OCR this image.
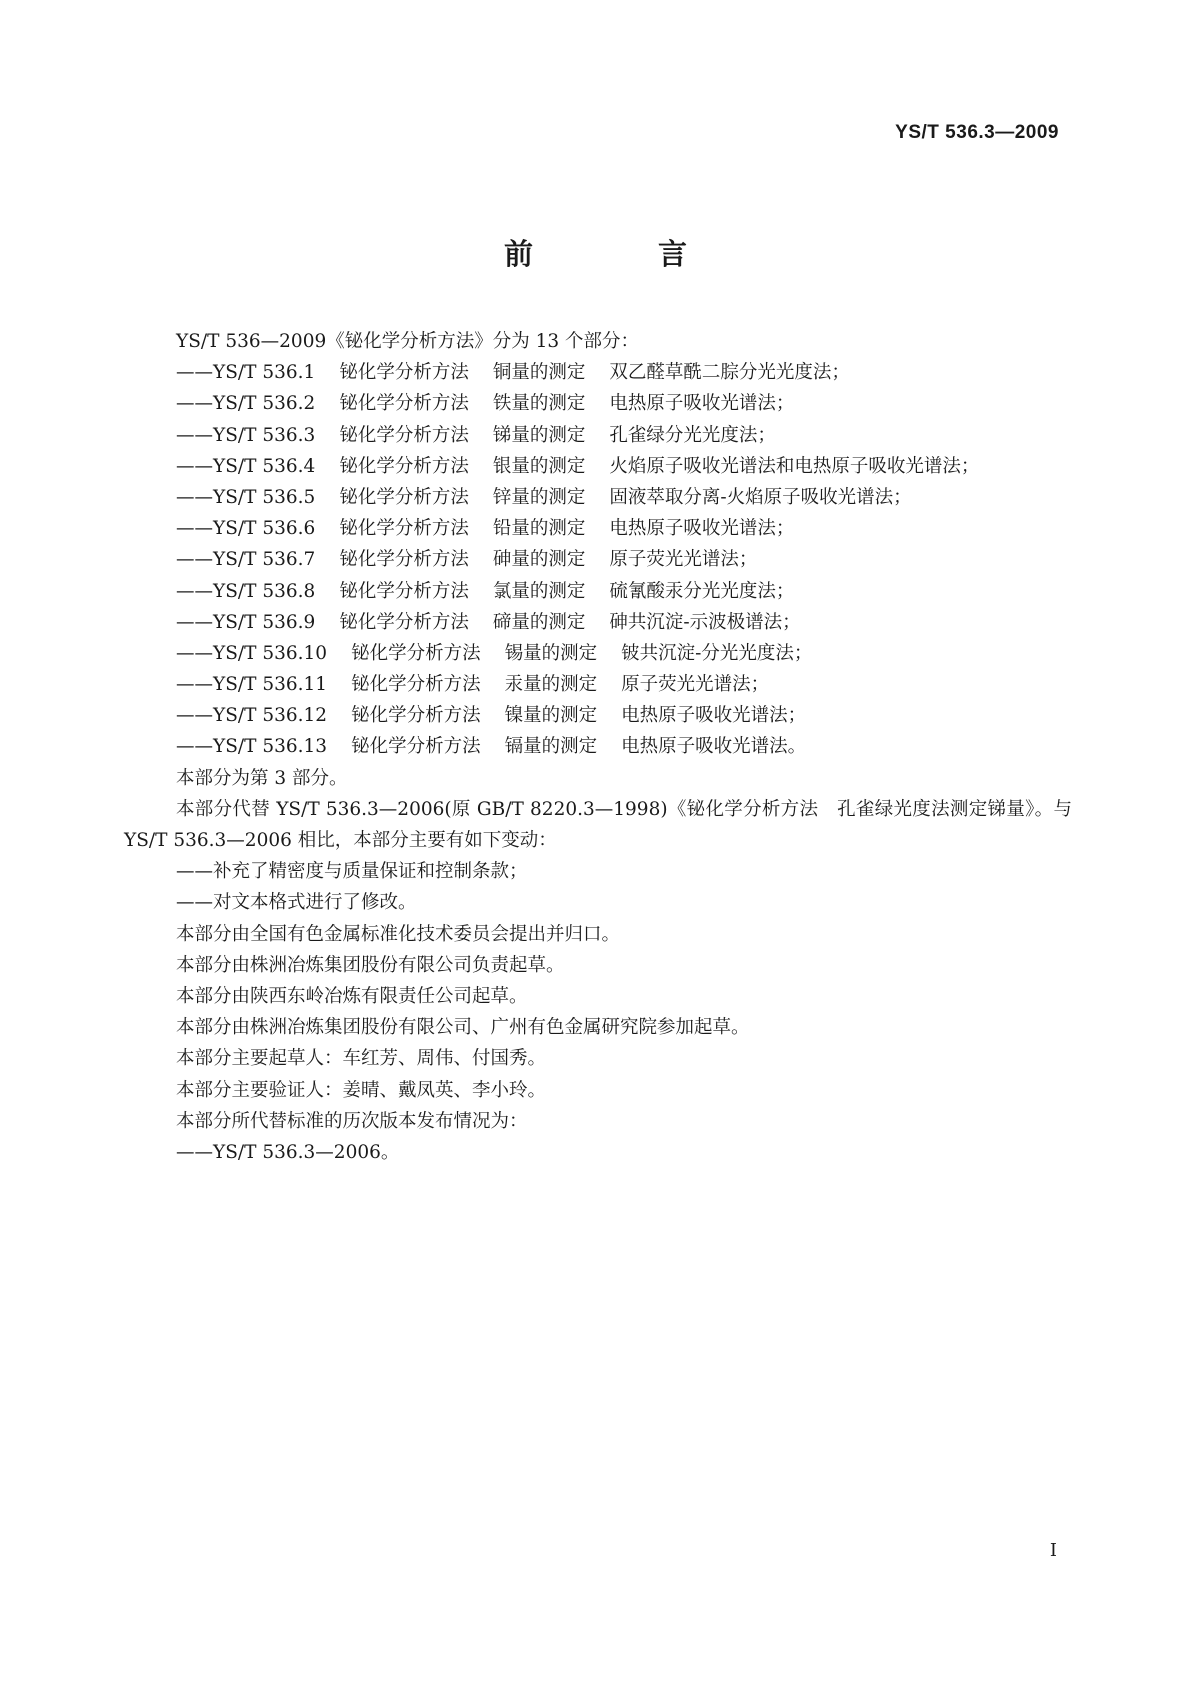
YS/T 536.3—2009
前　言
YS/T 536—2009《铋化学分析方法》分为 13 个部分：
——YS/T 536.1 铋化学分析方法 铜量的测定 双乙醛草酰二腙分光光度法；
——YS/T 536.2 铋化学分析方法 铁量的测定 电热原子吸收光谱法；
——YS/T 536.3 铋化学分析方法 锑量的测定 孔雀绿分光光度法；
——YS/T 536.4 铋化学分析方法 银量的测定 火焰原子吸收光谱法和电热原子吸收光谱法；
——YS/T 536.5 铋化学分析方法 锌量的测定 固液萃取分离-火焰原子吸收光谱法；
——YS/T 536.6 铋化学分析方法 铅量的测定 电热原子吸收光谱法；
——YS/T 536.7 铋化学分析方法 砷量的测定 原子荧光光谱法；
——YS/T 536.8 铋化学分析方法 氯量的测定 硫氰酸汞分光光度法；
——YS/T 536.9 铋化学分析方法 碲量的测定 砷共沉淀-示波极谱法；
——YS/T 536.10 铋化学分析方法 锡量的测定 铍共沉淀-分光光度法；
——YS/T 536.11 铋化学分析方法 汞量的测定 原子荧光光谱法；
——YS/T 536.12 铋化学分析方法 镍量的测定 电热原子吸收光谱法；
——YS/T 536.13 铋化学分析方法 镉量的测定 电热原子吸收光谱法。
本部分为第 3 部分。
本部分代替 YS/T 536.3—2006(原 GB/T 8220.3—1998)《铋化学分析方法　孔雀绿光度法测定锑量》。与 YS/T 536.3—2006 相比，本部分主要有如下变动：
——补充了精密度与质量保证和控制条款；
——对文本格式进行了修改。
本部分由全国有色金属标准化技术委员会提出并归口。
本部分由株洲冶炼集团股份有限公司负责起草。
本部分由陕西东岭冶炼有限责任公司起草。
本部分由株洲冶炼集团股份有限公司、广州有色金属研究院参加起草。
本部分主要起草人：车红芳、周伟、付国秀。
本部分主要验证人：姜晴、戴凤英、李小玲。
本部分所代替标准的历次版本发布情况为：
——YS/T 536.3—2006。
I
